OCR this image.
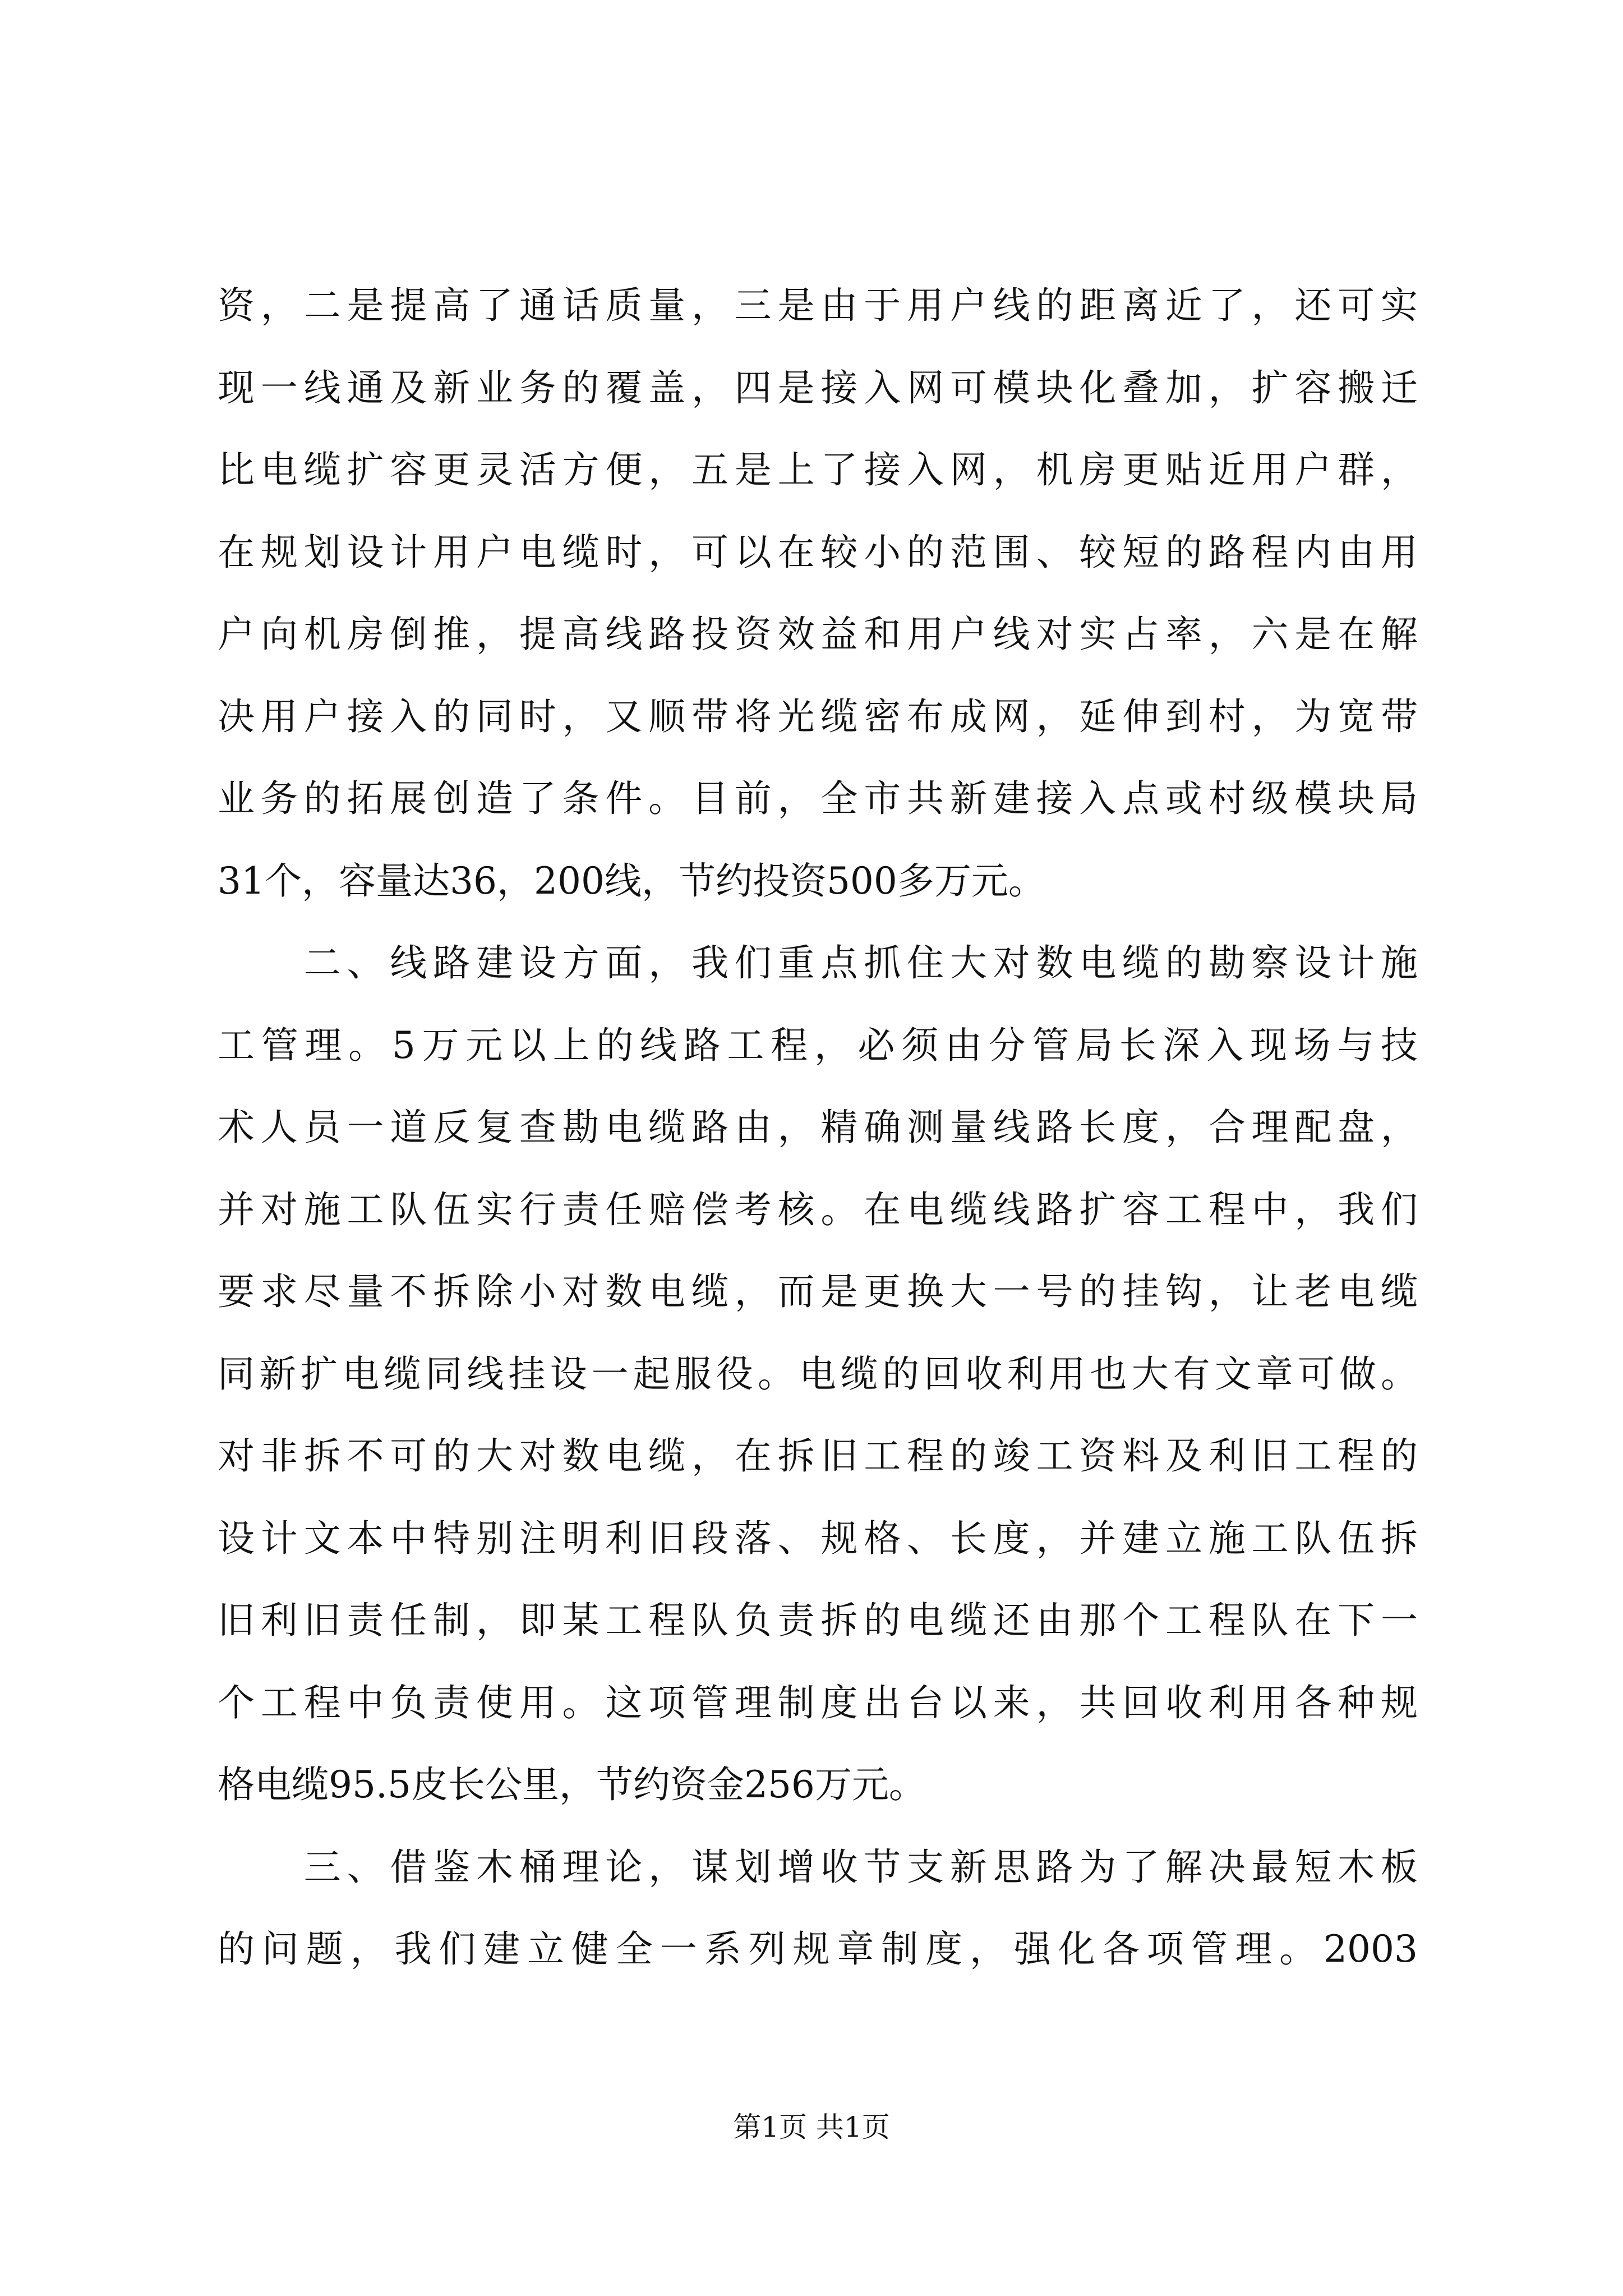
资，二是提高了通话质量，三是由于用户线的距离近了，还可实
现一线通及新业务的覆盖，四是接入网可模块化叠加，扩容搬迁
比电缆扩容更灵活方便，五是上了接入网，机房更贴近用户群，
在规划设计用户电缆时，可以在较小的范围、较短的路程内由用
户向机房倒推，提高线路投资效益和用户线对实占率，六是在解
决用户接入的同时，又顺带将光缆密布成网，延伸到村，为宽带
业务的拓展创造了条件。目前，全市共新建接入点或村级模块局
31个，容量达36，200线，节约投资500多万元。
　　二、线路建设方面，我们重点抓住大对数电缆的勘察设计施
工管理。5万元以上的线路工程，必须由分管局长深入现场与技
术人员一道反复查勘电缆路由，精确测量线路长度，合理配盘，
并对施工队伍实行责任赔偿考核。在电缆线路扩容工程中，我们
要求尽量不拆除小对数电缆，而是更换大一号的挂钩，让老电缆
同新扩电缆同线挂设一起服役。电缆的回收利用也大有文章可做。
对非拆不可的大对数电缆，在拆旧工程的竣工资料及利旧工程的
设计文本中特别注明利旧段落、规格、长度，并建立施工队伍拆
旧利旧责任制，即某工程队负责拆的电缆还由那个工程队在下一
个工程中负责使用。这项管理制度出台以来，共回收利用各种规
格电缆95.5皮长公里，节约资金256万元。
　　三、借鉴木桶理论，谋划增收节支新思路为了解决最短木板
的问题，我们建立健全一系列规章制度，强化各项管理。2003
第1页 共1页
